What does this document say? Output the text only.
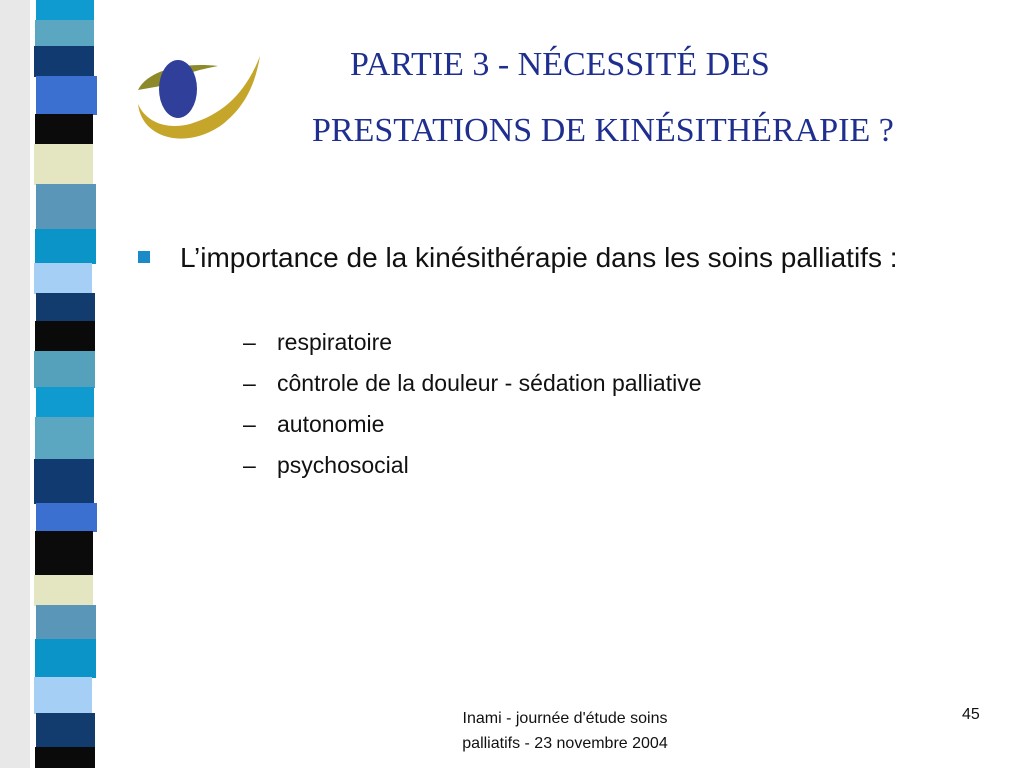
PARTIE 3 - NÉCESSITÉ DES
PRESTATIONS DE KINÉSITHÉRAPIE ?
L’importance de la kinésithérapie dans les soins palliatifs :
– respiratoire
– cônt​role de la douleur - sédation palliative
– autonomie
– psychosocial
Inami - journée d'étude soins
palliatifs - 23 novembre 2004
45
